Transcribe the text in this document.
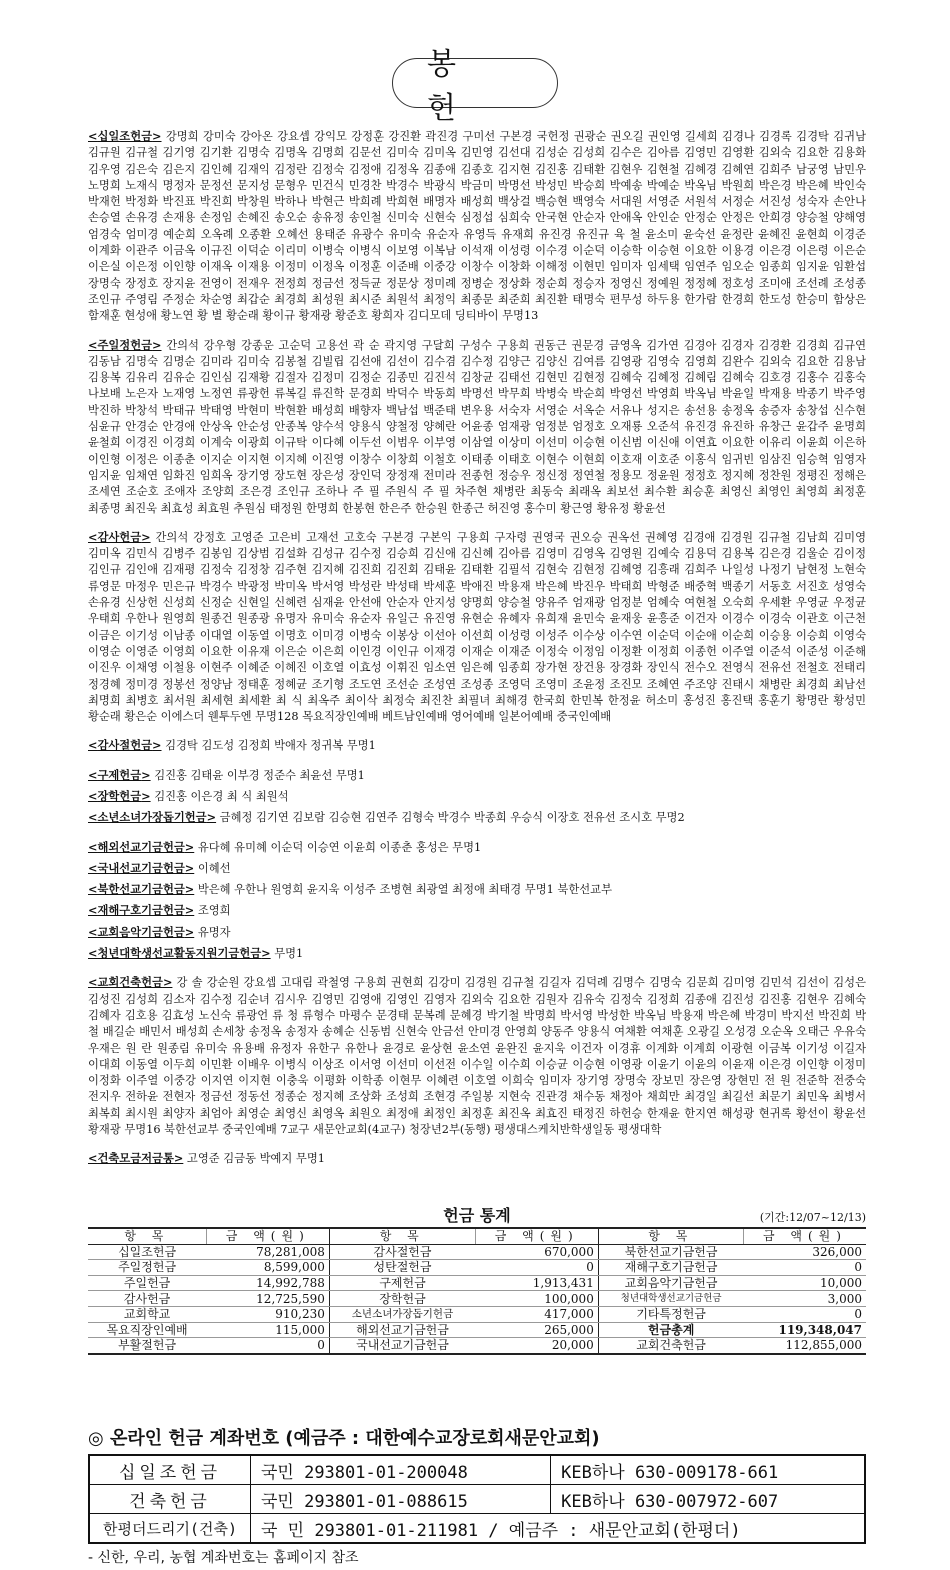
봉 헌

< 십일조헌금 > 강명희 강미숙 강아온 강요셉 강익모 강정훈 강진환 곽진경 구미선 구본경 국헌정 권광순 권오길 권인영 길세희 김경나 김경록 김경탁 김귀남 김규원 김규철 김기영 김기환 김명숙 김명옥 김명희 김문선 김미숙 김미옥 김민영 김선대 김성순 김성희 김수은 김아름 김영민 김영환 김외숙 김요한 김용화 김우영 김은숙 김은지 김인혜 김재익 김정란 김정숙 김정애 김정옥 김종애 김종호 김지현 김진홍 김태환 김현우 김현철 김혜경 김혜연 김희주 남궁영 남민우 노명희 노재식 명정자 문정선 문지성 문형우 민건식 민경찬 박경수 박광식 박금미 박명선 박성민 박승희 박예송 박예순 박옥님 박원희 박은경 박은혜 박인숙 박재헌 박정화 박진표 박진희 박창원 박하나 박현근 박희례 박희현 배명자 배성희 백상걸 백승현 백영숙 서대원 서영준 서원석 서정순 서진성 성숙자 손안나 손승열 손유경 손재용 손정임 손혜진 송오순 송유정 송인철 신미숙 신현숙 심정섭 심희숙 안국현 안순자 안애옥 안인순 안정순 안정은 안희경 양승철 양해영 엄경숙 엄미경 예순희 오옥례 오종환 오혜선 용태준 유광수 유미숙 유순자 유영득 유재희 유진경 유진규 육 철 윤소미 윤숙선 윤정란 윤혜진 윤현희 이경준 이계화 이관주 이금옥 이규진 이덕순 이리미 이병숙 이병식 이보영 이복남 이석재 이성령 이수경 이순덕 이승학 이승현 이요한 이용경 이은경 이은령 이은순 이은실 이은정 이인향 이재옥 이재용 이정미 이정옥 이정훈 이준배 이중강 이창수 이창화 이해정 이현민 임미자 임세택 임연주 임오순 임종희 임지윤 임환섭 장명숙 장정호 장지윤 전영이 전재우 전정희 정금선 정득균 정문상 정미례 정병순 정상화 정순희 정승자 정영신 정예원 정정혜 정호성 조미애 조선례 조성종 조인규 주영림 주정순 차순영 최갑순 최경희 최성원 최시준 최원석 최정익 최종문 최준희 최진환 태명숙 편무성 하두용 한가람 한경희 한도성 한승미 함상은 함재훈 현성애 황노연 황 별 황순래 황이규 황재광 황준호 황희자 김디모데 딩티바이 무명13

< 주일정헌금 > 간의석 강우형 강종운 고순덕 고용선 곽 순 곽지영 구달희 구성수 구용희 권동근 권문경 금영옥 김가연 김경아 김경자 김경환 김경희 김규연 김동남 김명숙 김명순 김미라 김미숙 김봉철 김빌립 김선애 김선이 김수겸 김수정 김양근 김양신 김여름 김영광 김영숙 김영희 김완수 김외숙 김요한 김용남 김용복 김유리 김유순 김인심 김재황 김절자 김정미 김정순 김종민 김진석 김창균 김태선 김현민 김현정 김혜숙 김혜정 김혜림 김혜숙 김호경 김홍수 김홍숙 나보배 노은자 노재영 노정연 류광헌 류복길 류진학 문경희 박덕수 박동희 박명선 박무희 박병숙 박순희 박영선 박영희 박옥님 박윤일 박재용 박종기 박주영 박진하 박창석 박태규 박태영 박현미 박현환 배성희 배향자 백남섭 백준태 변우용 서숙자 서영순 서옥순 서유나 성지은 송선용 송정옥 송증자 송창섭 신수현 심윤규 안경순 안경애 안상옥 안순성 안종복 양수석 양용식 양철정 양혜란 어윤종 엄재광 엄정분 엄정호 오재룡 오준석 유진경 유진하 유창근 윤갑주 윤명희 윤철희 이경진 이경희 이계숙 이광희 이규탁 이다혜 이두선 이범우 이부영 이삼열 이상미 이선미 이승현 이신범 이신애 이연효 이요한 이유리 이윤희 이은하 이인형 이정은 이종춘 이지순 이지현 이지혜 이진영 이창수 이창희 이철호 이태종 이태호 이현수 이현희 이호재 이호준 이홍식 임귀빈 임삼진 임승혁 임영자 임지윤 임채연 임화진 임희옥 장기영 장도현 장은성 장인덕 장정재 전미라 전종헌 정승우 정신정 정연철 정용모 정윤원 정정호 정지혜 정찬원 정평진 정해은 조세연 조순호 조애자 조양희 조은경 조인규 조하나 주 필 주원식 주 필 차주현 채병란 최동숙 최래옥 최보선 최수환 최승훈 최영신 최영인 최영희 최정훈 최종명 최진욱 최효성 최효원 추원심 태정원 한명희 한봉현 한은주 한승원 한종근 허진영 홍수미 황근영 황유정 황윤선

< 감사헌금 > 간의석 강정호 고영준 고은비 고재선 고호숙 구본경 구본익 구용희 구자령 권영국 권오승 권옥선 권혜영 김경애 김경원 김규철 김남희 김미영 김미옥 김민식 김병주 김봉임 김상범 김설화 김성규 김수정 김승희 김신애 김신혜 김아름 김영미 김영옥 김영원 김예숙 김용덕 김용복 김은경 김울순 김이정 김인규 김인애 김재평 김정숙 김정창 김주현 김지혜 김진희 김진회 김태윤 김태환 김필석 김현숙 김현정 김혜영 김흥래 김희주 나일성 나정기 남현정 노현숙 류영문 마정우 민은규 박경수 박광정 박미옥 박서영 박성란 박성태 박세훈 박애진 박용재 박은혜 박진우 박태희 박형준 배중혁 백종기 서동호 서진호 성영숙 손유경 신상헌 신성희 신정순 신현일 신혜련 심재윤 안선애 안순자 안지성 양명희 양승철 양유주 엄재광 엄정분 엄혜숙 여현철 오숙희 우세환 우영균 우정균 우태희 우한나 원영희 원종건 원종광 유명자 유미숙 유순자 유일근 유진영 유현순 유혜자 유희재 윤민숙 윤재웅 윤흥준 이건자 이경수 이경숙 이관호 이근천 이금은 이기성 이남종 이대열 이동열 이명호 이미경 이병숙 이봉상 이선아 이선희 이성령 이성주 이수상 이수연 이순덕 이순애 이순희 이승용 이승희 이영숙 이영순 이영준 이영희 이요한 이유재 이은순 이은희 이인경 이인규 이재경 이재순 이재준 이정숙 이정임 이정환 이정희 이종헌 이주열 이준석 이준성 이준해 이진우 이채영 이철용 이현주 이혜준 이혜진 이호열 이효성 이휘진 임소연 임은혜 임종희 장가현 장건용 장경화 장인식 전수오 전영식 전유선 전철호 전태리 정경혜 정미경 정봉선 정양남 정태훈 정혜균 조기형 조도연 조선순 조성연 조성종 조영덕 조영미 조윤정 조진모 조혜연 주조양 진태시 채병란 최경희 최남선 최명희 최병호 최서원 최세현 최세환 최 식 최옥주 최이삭 최정숙 최진찬 최필녀 최해경 한국희 한민복 한정윤 허소미 홍성진 홍진택 홍훈기 황명란 황성민 황순래 황은순 이에스더 웬투두엔 무명128 목요직장인예배 베트남인예배 영어예배 일본어예배 중국인예배

< 감사절헌금 > 김경탁 김도성 김정희 박애자 정귀복 무명1

< 구제헌금 > 김진홍 김태윤 이부경 정준수 최윤선 무명1

< 장학헌금 > 김진홍 이은경 최 식 최원석

< 소년소녀가장돕기헌금 > 금혜정 김기연 김보람 김승현 김연주 김형숙 박경수 박종희 우승식 이장호 전유선 조시호 무명2

< 해외선교기금헌금 > 유다혜 유미혜 이순덕 이승연 이윤희 이종춘 홍성은 무명1

< 국내선교기금헌금 > 이혜선

< 북한선교기금헌금 > 박은혜 우한나 원영희 윤지욱 이성주 조병현 최광열 최정애 최태경 무명1 북한선교부

< 재해구호기금헌금 > 조영희

< 교회음악기금헌금 > 유명자

< 청년대학생선교활동지원기금헌금 > 무명1

< 교회건축헌금 > 강 솔 강순원 강요셉 고대림 곽철영 구용희 권현희 김강미 김경원 김규철 김길자 김덕례 김명수 김명숙 김문희 김미영 김민석 김선이 김성은 김성진 김성희 김소자 김수정 김순녀 김시우 김영민 김영애 김영인 김영자 김외숙 김요한 김원자 김유숙 김정숙 김정희 김종애 김진성 김진홍 김현우 김혜숙 김혜자 김호용 김효성 노신숙 류광언 류 청 류형수 마평수 문경태 문복례 문혜경 박기철 박명희 박서영 박성한 박옥님 박용재 박은혜 박경미 박지선 박진희 박 철 배길순 배민서 배성희 손세창 송정옥 송정자 송혜순 신동범 신현숙 안금선 안미경 안영희 양동주 양용식 여채환 여채훈 오광길 오성경 오순옥 오태근 우유숙 우재은 원 란 원종림 유미숙 유용배 유정자 유한구 유한나 윤경로 윤상현 윤소연 윤완진 윤지욱 이건자 이경휴 이계화 이계희 이광현 이금복 이기성 이길자 이대희 이동열 이두희 이민환 이배우 이병식 이상조 이서영 이선미 이선전 이수일 이수희 이승균 이승현 이영광 이윤기 이윤의 이윤재 이은경 이인향 이정미 이정화 이주열 이중강 이지연 이지현 이충욱 이평화 이학종 이현무 이혜련 이호열 이희숙 임미자 장기영 장명숙 장보민 장은영 장현민 전 원 전준학 전중숙 전지우 전하윤 전현자 정금선 정동선 정종순 정지혜 조상화 조성희 조현경 주일봉 지현숙 진관경 채수동 채정아 채희만 최경일 최길선 최문기 최민옥 최병서 최복희 최시원 최양자 최엄아 최영순 최영신 최영옥 최원오 최정애 최정인 최정훈 최진옥 최효진 태정진 하헌승 한재윤 한지연 해성광 현귀록 황선이 황윤선 황재광 무명16 북한선교부 중국인예배 7교구 새문안교회(4교구) 청장년2부(동행) 평생대스케치반학생일동 평생대학

< 건축모금저금통 > 고영준 김금동 박예지 무명1

헌금 통계	(기간:12/07~12/13)
항 목	금 액(원)	항 목	금 액(원)	항 목	금 액(원)
십일조헌금	78,281,008	감사절헌금	670,000	북한선교기금헌금	326,000
주일정헌금	8,599,000	성탄절헌금	0	재해구호기금헌금	0
주일헌금	14,992,788	구제헌금	1,913,431	교회음악기금헌금	10,000
감사헌금	12,725,590	장학헌금	100,000	청년대학생선교기금헌금	3,000
교회학교	910,230	소년소녀가장돕기헌금	417,000	기타특정헌금	0
목요직장인예배	115,000	해외선교기금헌금	265,000	헌금총계	119,348,047
부활절헌금	0	국내선교기금헌금	20,000	교회건축헌금	112,855,000
◎ 온라인 헌금 계좌번호 (예금주 : 대한예수교장로회새문안교회)
십일조헌금	국민 293801-01-200048	KEB하나 630-009178-661
건축헌금	국민 293801-01-088615	KEB하나 630-007972-607
한평더드리기(건축)	국 민 293801-01-211981 / 예금주 : 새문안교회(한평더)	
- 신한, 우리, 농협 계좌번호는 홈페이지 참조
